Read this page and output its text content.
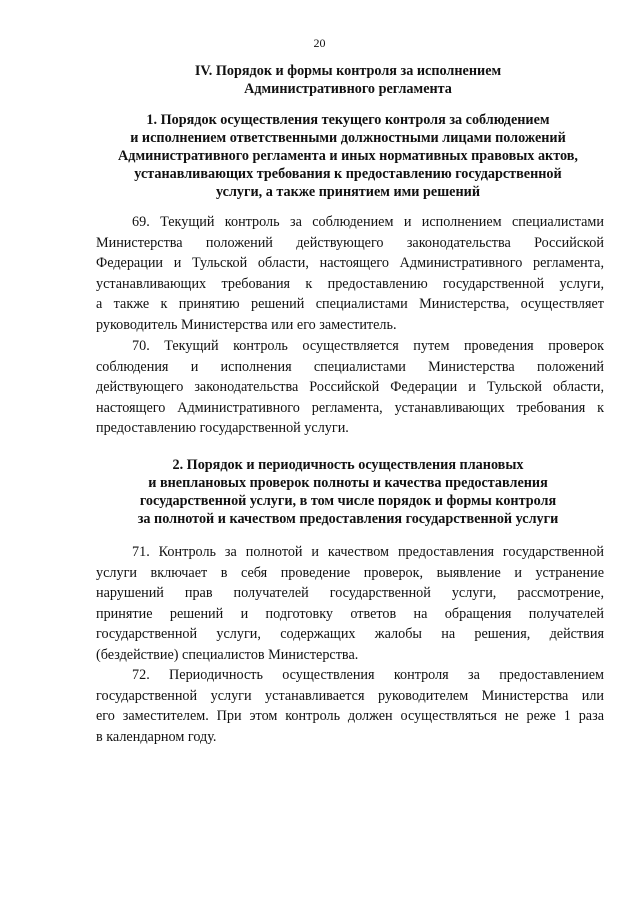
20
IV. Порядок и формы контроля за исполнением
Административного регламента
1. Порядок осуществления текущего контроля за соблюдением
и исполнением ответственными должностными лицами положений
Административного регламента и иных нормативных правовых актов,
устанавливающих требования к предоставлению государственной
услуги, а также принятием ими решений
69. Текущий контроль за соблюдением и исполнением специалистами
Министерства положений действующего законодательства Российской
Федерации и Тульской области, настоящего Административного регламента,
устанавливающих требования к предоставлению государственной услуги,
а также к принятию решений специалистами Министерства, осуществляет
руководитель Министерства или его заместитель.
70. Текущий контроль осуществляется путем проведения проверок
соблюдения и исполнения специалистами Министерства положений
действующего законодательства Российской Федерации и Тульской области,
настоящего Административного регламента, устанавливающих требования к
предоставлению государственной услуги.
2. Порядок и периодичность осуществления плановых
и внеплановых проверок полноты и качества предоставления
государственной услуги, в том числе порядок и формы контроля
за полнотой и качеством предоставления государственной услуги
71. Контроль за полнотой и качеством предоставления государственной
услуги включает в себя проведение проверок, выявление и устранение
нарушений прав получателей государственной услуги, рассмотрение,
принятие решений и подготовку ответов на обращения получателей
государственной услуги, содержащих жалобы на решения, действия
(бездействие) специалистов Министерства.
72. Периодичность осуществления контроля за предоставлением
государственной услуги устанавливается руководителем Министерства или
его заместителем. При этом контроль должен осуществляться не реже 1 раза
в календарном году.
